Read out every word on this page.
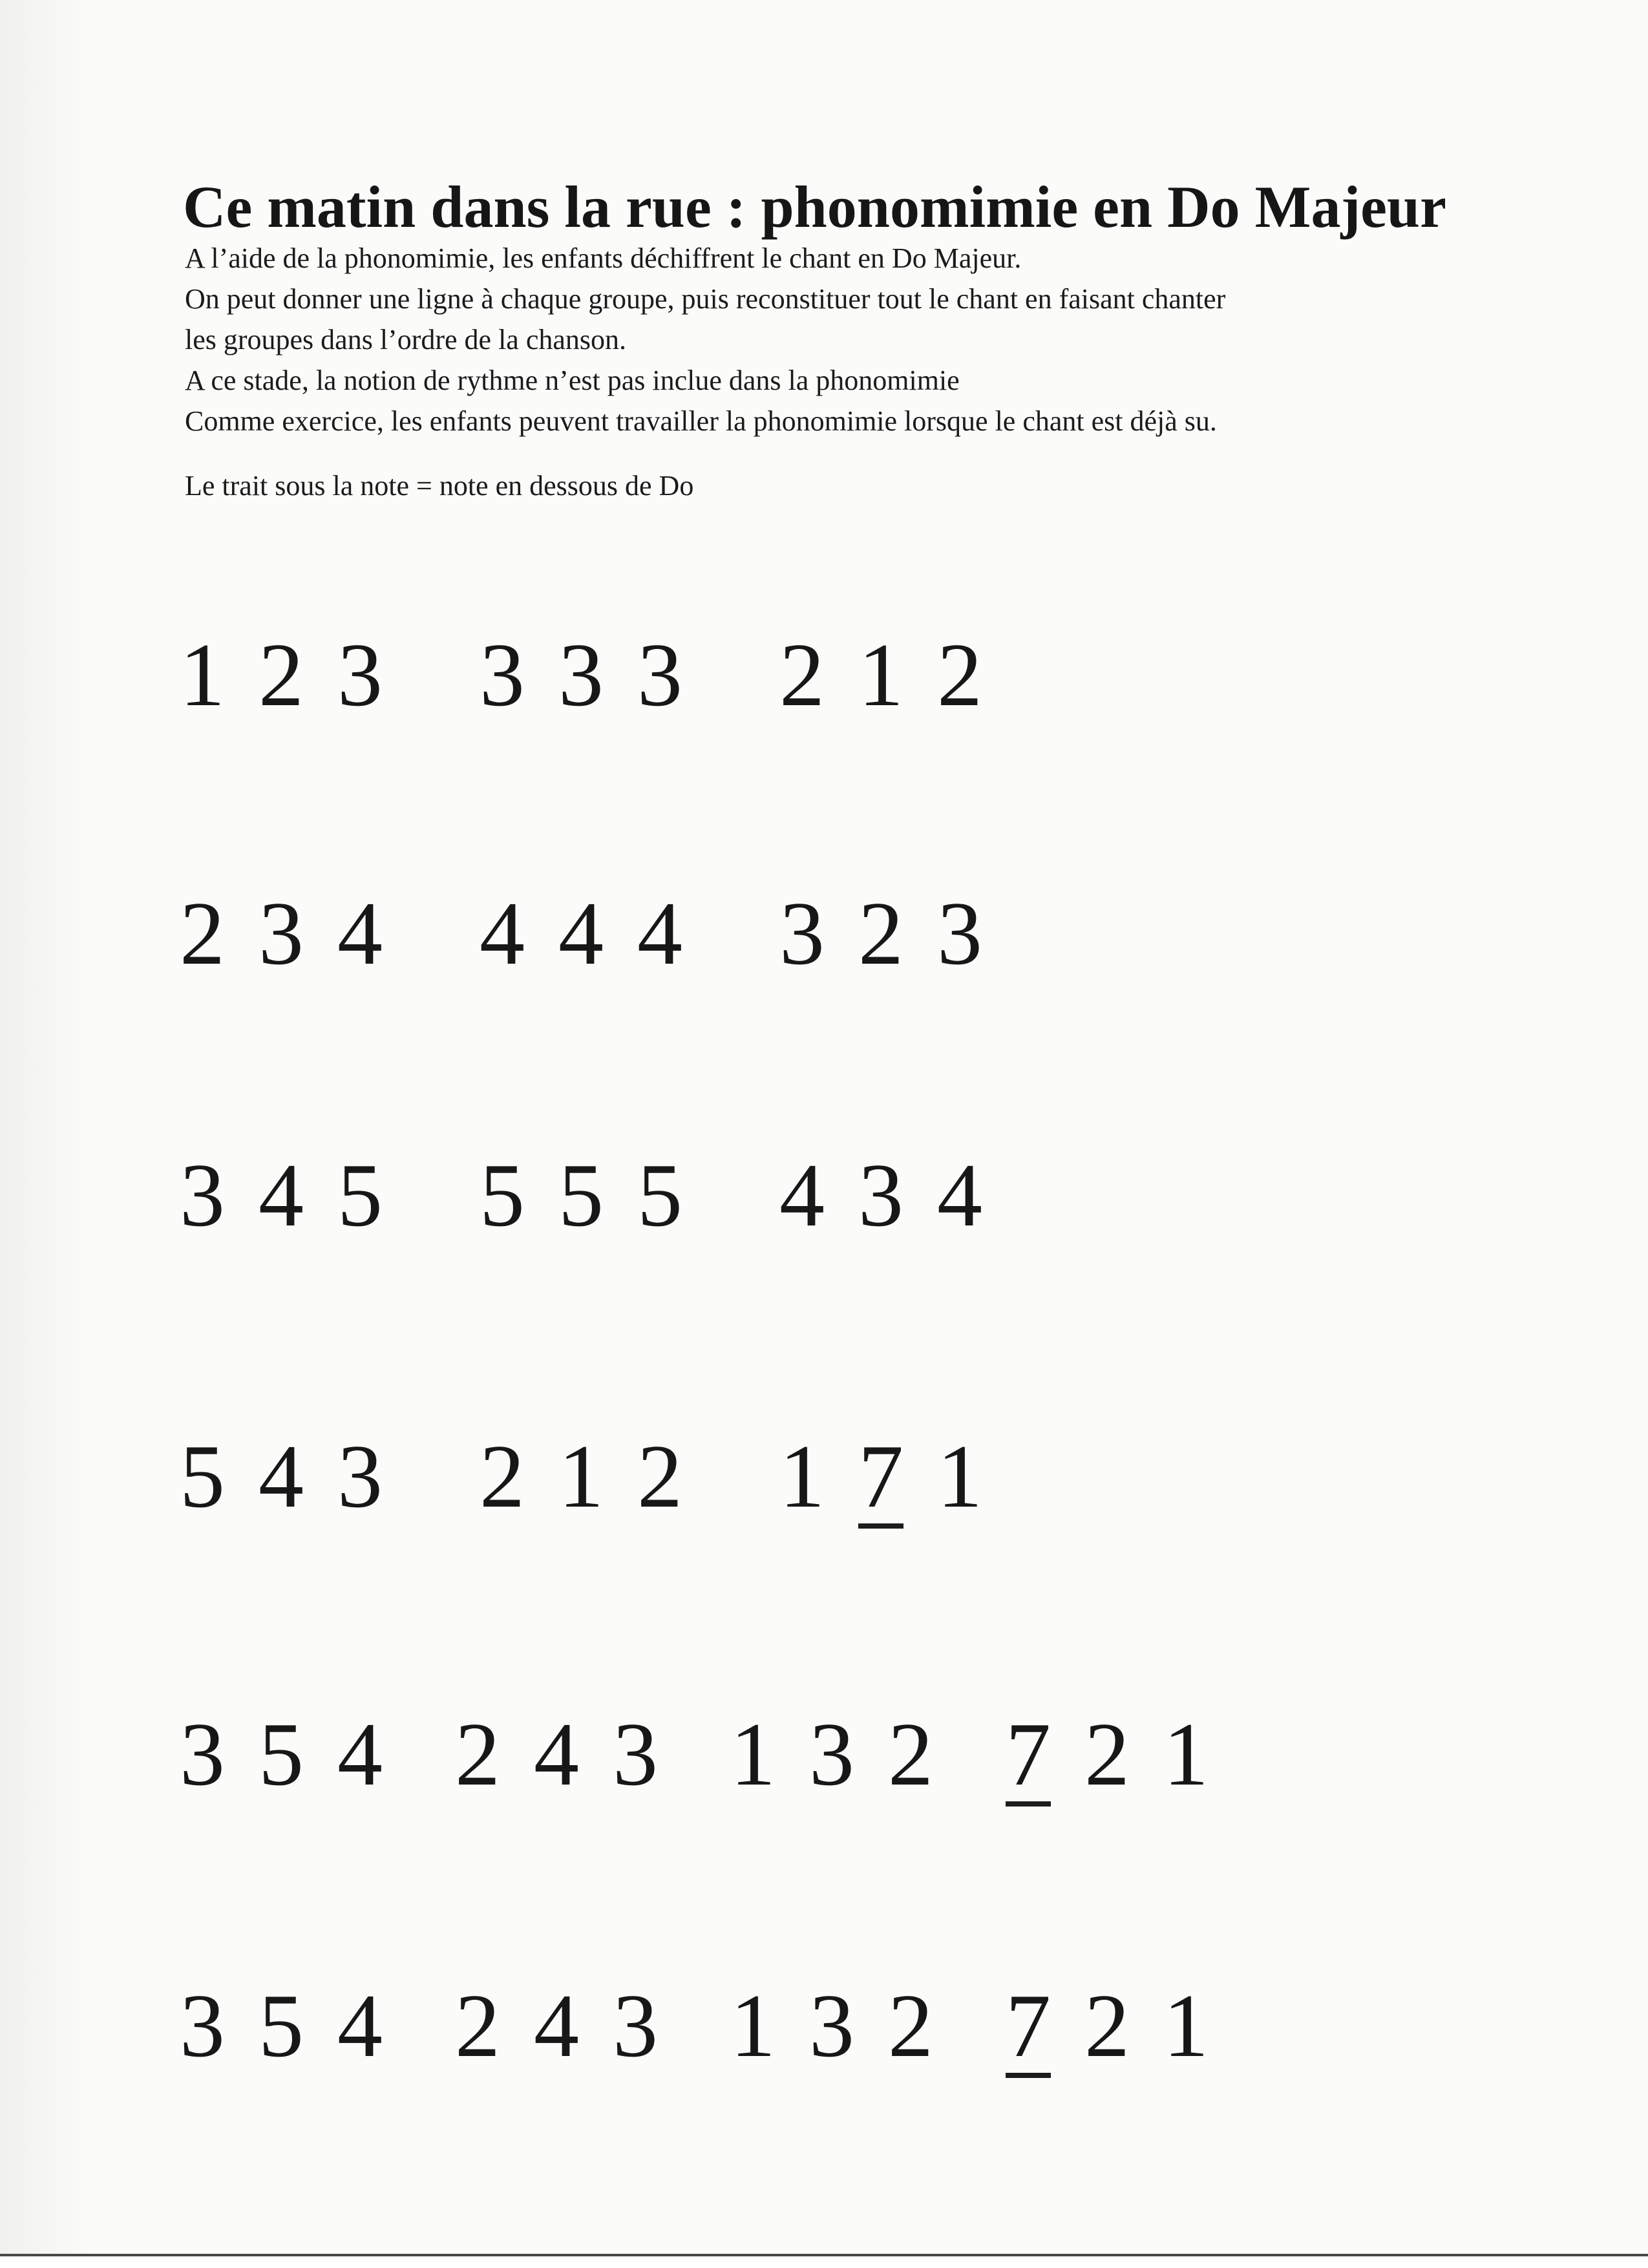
Ce matin dans la rue : phonomimie en Do Majeur
A l’aide de la phonomimie, les enfants déchiffrent le chant en Do Majeur.
On peut donner une ligne à chaque groupe, puis reconstituer tout le chant en faisant chanter
les groupes dans l’ordre de la chanson.
A ce stade, la notion de rythme n’est pas inclue dans la phonomimie
Comme exercice, les enfants peuvent travailler la phonomimie lorsque le chant est déjà su.
Le trait sous la note = note en dessous de Do
1 2 3 3 3 3 2 1 2
2 3 4 4 4 4 3 2 3
3 4 5 5 5 5 4 3 4
5 4 3 2 1 2 1 7 1
3 5 4 2 4 3 1 3 2 7 2 1
3 5 4 2 4 3 1 3 2 7 2 1
